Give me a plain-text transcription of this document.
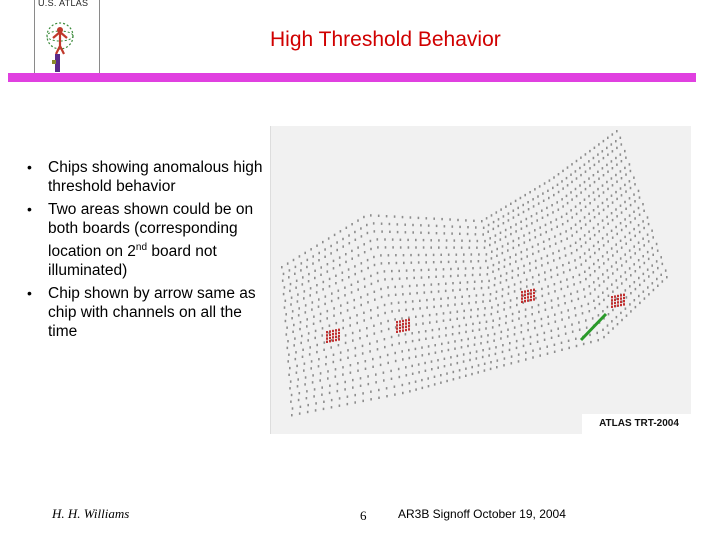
U.S. ATLAS
High Threshold Behavior
• Chips showing anomalous high threshold behavior
• Two areas shown could be on both boards (corresponding location on 2nd board not illuminated)
• Chip shown by arrow same as chip with channels on all the time
ATLAS TRT-2004
H. H. Williams	6	AR3B Signoff October 19, 2004
